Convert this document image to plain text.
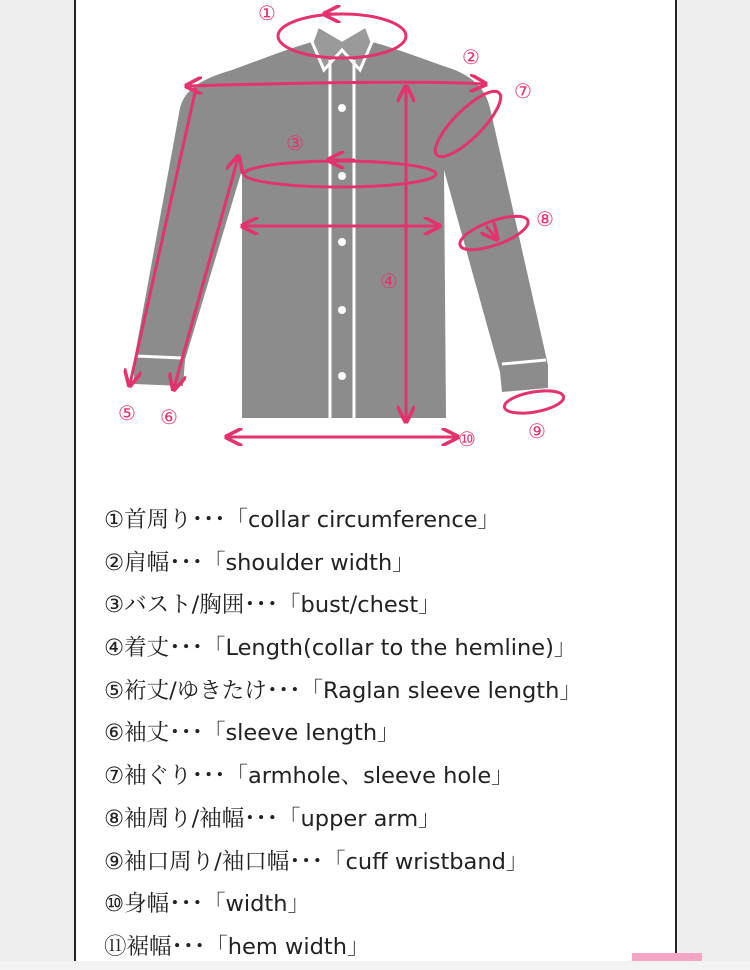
①
②
③
④
⑤ ⑥
⑦
⑧
⑨
⑩
①首周り･･･「collar circumference」
②肩幅･･･「shoulder width」
③バスト/胸囲･･･「bust/chest」
④着丈･･･「Length(collar to the hemline)」
⑤裄丈/ゆきたけ･･･「Raglan sleeve length」
⑥袖丈･･･「sleeve length」
⑦袖ぐり･･･「armhole、sleeve hole」
⑧袖周り/袖幅･･･「upper arm」
⑨袖口周り/袖口幅･･･「cuff wristband」
⑩身幅･･･「width」
⑪裾幅･･･「hem width」
